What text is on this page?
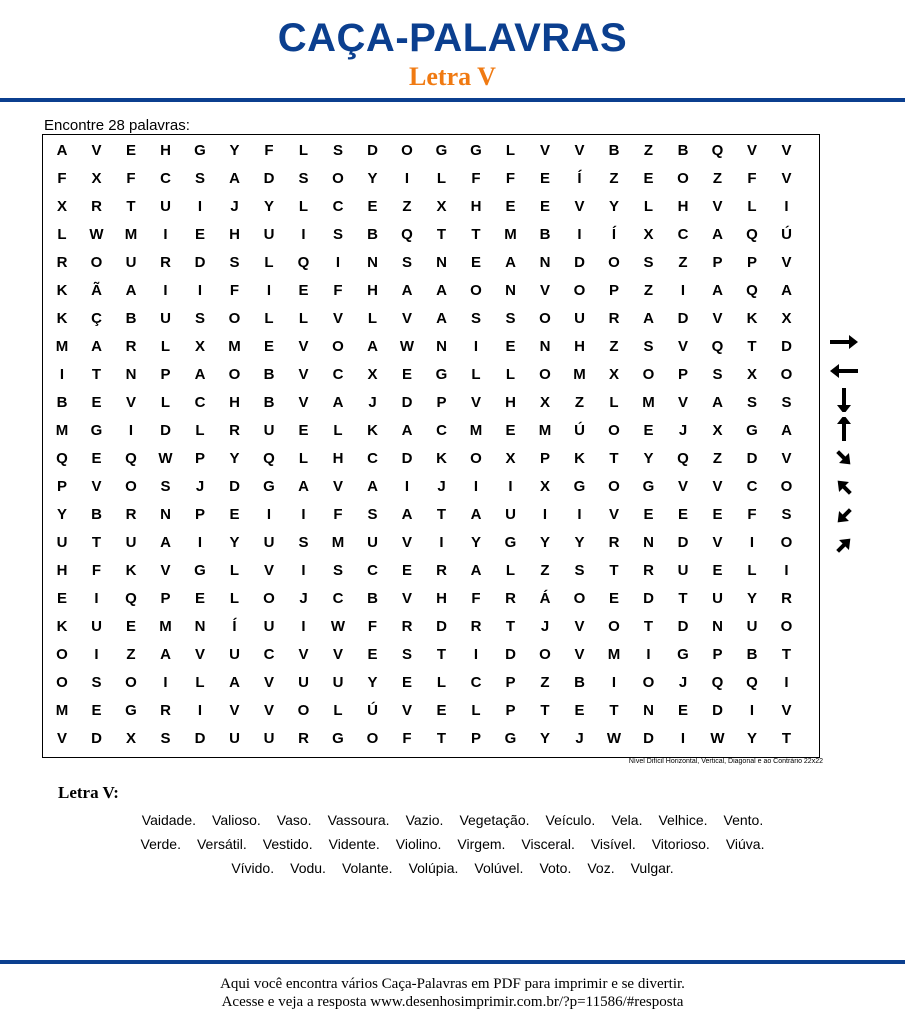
CAÇA-PALAVRAS
Letra V
Encontre 28 palavras:
A	V	E	H	G	Y	F	L	S	D	O	G	G	L	V	V	B	Z	B	Q	V	V
F	X	F	C	S	A	D	S	O	Y	I	L	F	F	E	Í	Z	E	O	Z	F	V
X	R	T	U	I	J	Y	L	C	E	Z	X	H	E	E	V	Y	L	H	V	L	I
L	W	M	I	E	H	U	I	S	B	Q	T	T	M	B	I	Í	X	C	A	Q	Ú
R	O	U	R	D	S	L	Q	I	N	S	N	E	A	N	D	O	S	Z	P	P	V
K	Ã	A	I	I	F	I	E	F	H	A	A	O	N	V	O	P	Z	I	A	Q	A
K	Ç	B	U	S	O	L	L	V	L	V	A	S	S	O	U	R	A	D	V	K	X
M	A	R	L	X	M	E	V	O	A	W	N	I	E	N	H	Z	S	V	Q	T	D
I	T	N	P	A	O	B	V	C	X	E	G	L	L	O	M	X	O	P	S	X	O
B	E	V	L	C	H	B	V	A	J	D	P	V	H	X	Z	L	M	V	A	S	S
M	G	I	D	L	R	U	E	L	K	A	C	M	E	M	Ú	O	E	J	X	G	A
Q	E	Q	W	P	Y	Q	L	H	C	D	K	O	X	P	K	T	Y	Q	Z	D	V
P	V	O	S	J	D	G	A	V	A	I	J	I	I	X	G	O	G	V	V	C	O
Y	B	R	N	P	E	I	I	F	S	A	T	A	U	I	I	V	E	E	E	F	S
U	T	U	A	I	Y	U	S	M	U	V	I	Y	G	Y	Y	R	N	D	V	I	O
H	F	K	V	G	L	V	I	S	C	E	R	A	L	Z	S	T	R	U	E	L	I
E	I	Q	P	E	L	O	J	C	B	V	H	F	R	Á	O	E	D	T	U	Y	R
K	U	E	M	N	Í	U	I	W	F	R	D	R	T	J	V	O	T	D	N	U	O
O	I	Z	A	V	U	C	V	V	E	S	T	I	D	O	V	M	I	G	P	B	T
O	S	O	I	L	A	V	U	U	Y	E	L	C	P	Z	B	I	O	J	Q	Q	I
M	E	G	R	I	V	V	O	L	Ú	V	E	L	P	T	E	T	N	E	D	I	V
V	D	X	S	D	U	U	R	G	O	F	T	P	G	Y	J	W	D	I	W	Y	T
Nível Difícil Horizontal, Vertical, Diagonal e ao Contrário 22x22
Letra V:
Vaidade. Valioso. Vaso. Vassoura. Vazio. Vegetação. Veículo. Vela. Velhice. Vento.
Verde. Versátil. Vestido. Vidente. Violino. Virgem. Visceral. Visível. Vitorioso. Viúva.
Vívido. Vodu. Volante. Volúpia. Volúvel. Voto. Voz. Vulgar.
Aqui você encontra vários Caça-Palavras em PDF para imprimir e se divertir.
Acesse e veja a resposta www.desenhosimprimir.com.br/?p=11586/#resposta
